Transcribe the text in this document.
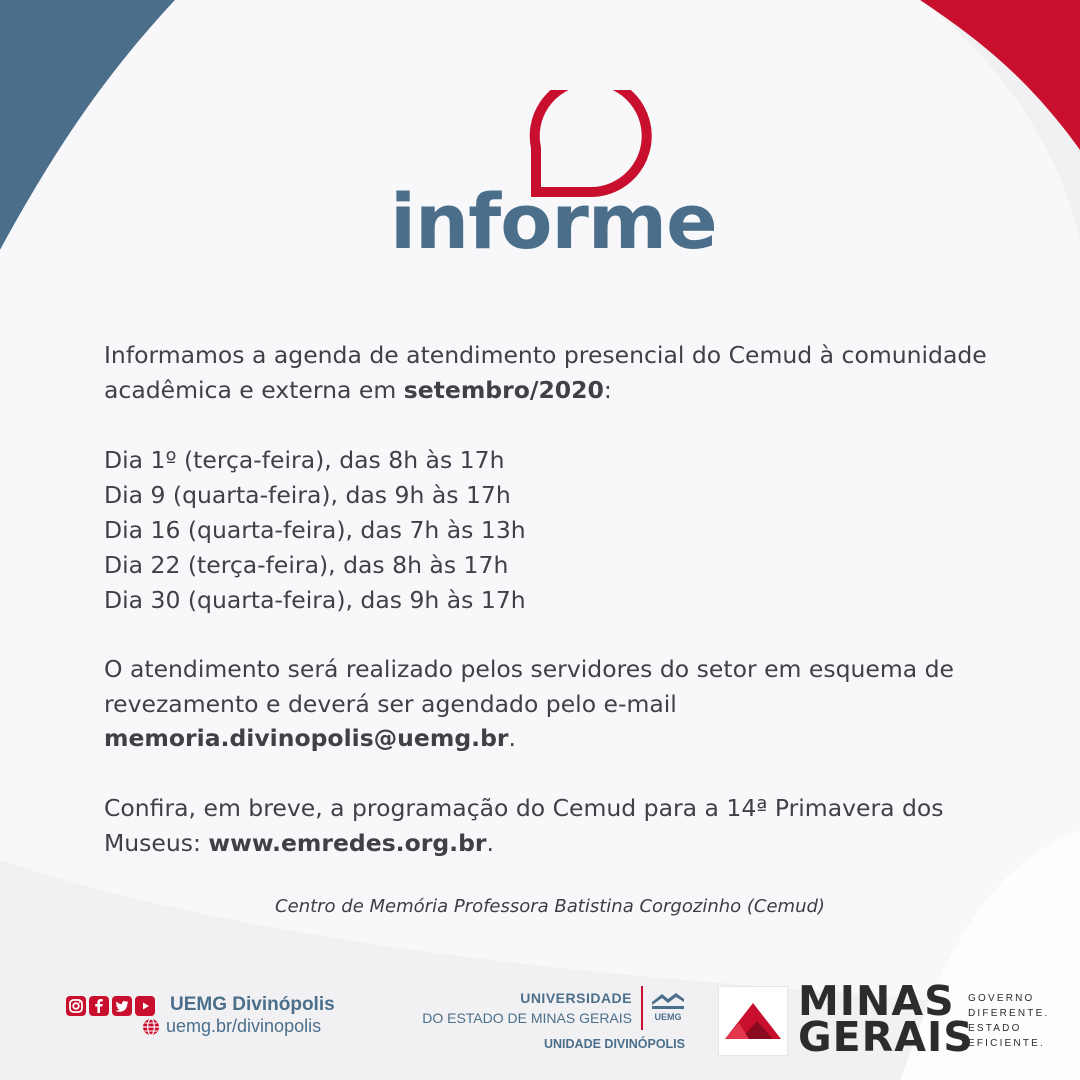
informe

Informamos a agenda de atendimento presencial do Cemud à comunidade acadêmica e externa em setembro/2020:

Dia 1º (terça-feira), das 8h às 17h
Dia 9 (quarta-feira), das 9h às 17h
Dia 16 (quarta-feira), das 7h às 13h
Dia 22 (terça-feira), das 8h às 17h
Dia 30 (quarta-feira), das 9h às 17h

O atendimento será realizado pelos servidores do setor em esquema de revezamento e deverá ser agendado pelo e-mail
memoria.divinopolis@uemg.br.

Confira, em breve, a programação do Cemud para a 14ª Primavera dos Museus: www.emredes.org.br.

Centro de Memória Professora Batistina Corgozinho (Cemud)
UEMG Divinópolis
uemg.br/divinopolis
UNIVERSIDADE
DO ESTADO DE MINAS GERAIS	UEMG
UNIDADE DIVINÓPOLIS
MINAS
GERAIS
GOVERNO
DIFERENTE.
ESTADO
EFICIENTE.
